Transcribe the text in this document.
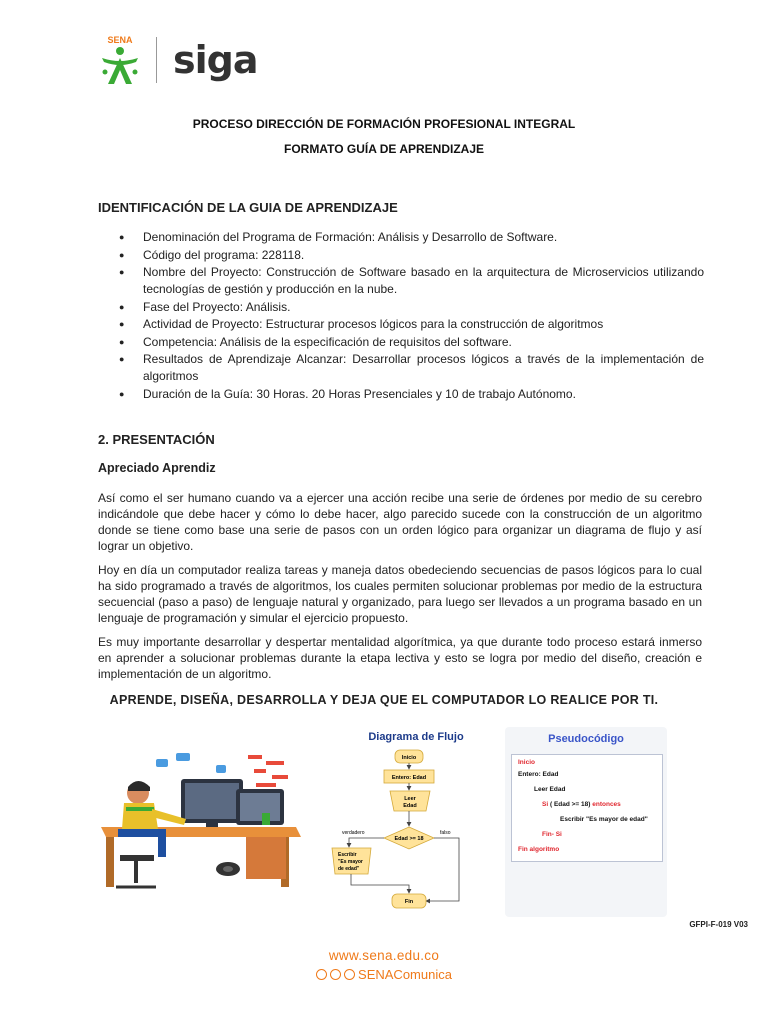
SENA siga
PROCESO DIRECCIÓN DE FORMACIÓN PROFESIONAL INTEGRAL
FORMATO GUÍA DE APRENDIZAJE
IDENTIFICACIÓN DE LA GUIA DE APRENDIZAJE
● Denominación del Programa de Formación: Análisis y Desarrollo de Software.
● Código del programa: 228118.
● Nombre del Proyecto: Construcción de Software basado en la arquitectura de Microservicios utilizando tecnologías de gestión y producción en la nube.
● Fase del Proyecto: Análisis.
● Actividad de Proyecto: Estructurar procesos lógicos para la construcción de algoritmos
● Competencia: Análisis de la especificación de requisitos del software.
● Resultados de Aprendizaje Alcanzar: Desarrollar procesos lógicos a través de la implementación de algoritmos
● Duración de la Guía: 30 Horas. 20 Horas Presenciales y 10 de trabajo Autónomo.
2. PRESENTACIÓN
Apreciado Aprendiz

Así como el ser humano cuando va a ejercer una acción recibe una serie de órdenes por medio de su cerebro indicándole que debe hacer y cómo lo debe hacer, algo parecido sucede con la construcción de un algoritmo donde se tiene como base una serie de pasos con un orden lógico para organizar un diagrama de flujo y así lograr un objetivo.

Hoy en día un computador realiza tareas y maneja datos obedeciendo secuencias de pasos lógicos para lo cual ha sido programado a través de algoritmos, los cuales permiten solucionar problemas por medio de la estructura secuencial (paso a paso) de lenguaje natural y organizado, para luego ser llevados a un programa basado en un lenguaje de programación y simular el ejercicio propuesto.

Es muy importante desarrollar y despertar mentalidad algorítmica, ya que durante todo proceso estará inmerso en aprender a solucionar problemas durante la etapa lectiva y esto se logra por medio del diseño, creación e implementación de un algoritmo.

APRENDE, DISEÑA, DESARROLLA Y DEJA QUE EL COMPUTADOR LO REALICE POR TI.
Diagrama de Flujo
Inicio
Entero: Edad
Leer
Edad
Edad >= 18
verdadero	falso
Escribir
"Es mayor
de edad"
Fin
Pseudocódigo
Inicio
Entero: Edad
Leer Edad
Si ( Edad >= 18) entonces
Escribir "Es mayor de edad"
Fin- Si
Fin algoritmo
GFPI-F-019 V03
www.sena.edu.co
SENAComunica
